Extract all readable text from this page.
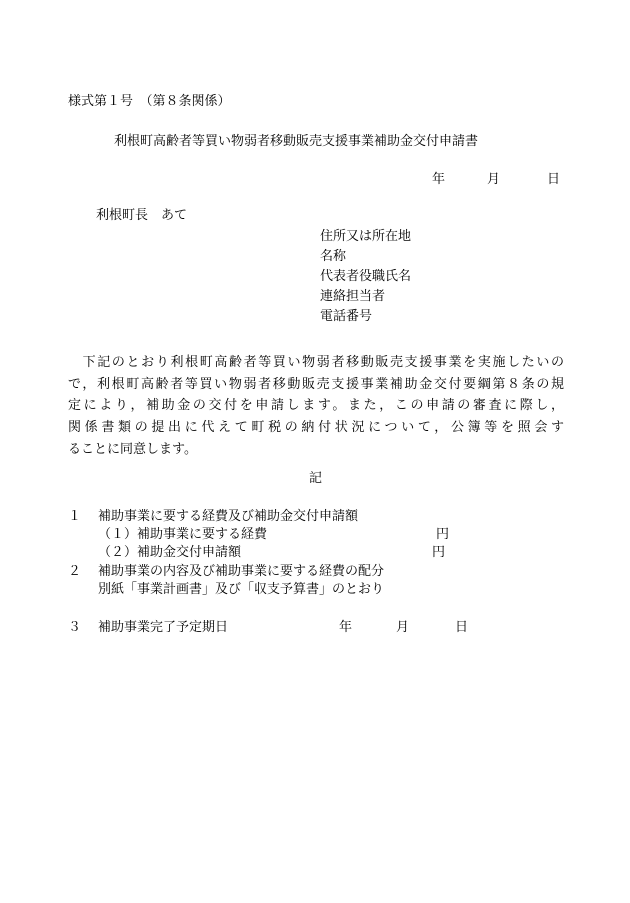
様式第１号　（第８条関係）
利根町高齢者等買い物弱者移動販売支援事業補助金交付申請書
年	月	日
利根町長　あて
住所又は所在地
名称
代表者役職氏名
連絡担当者
電話番号
　下記のとおり利根町高齢者等買い物弱者移動販売支援事業を実施したいの
で，利根町高齢者等買い物弱者移動販売支援事業補助金交付要綱第８条の規
定により，補助金の交付を申請します。また，この申請の審査に際し，
関係書類の提出に代えて町税の納付状況について，公簿等を照会す
ることに同意します。
記
１ 補助事業に要する経費及び補助金交付申請額
（１）補助事業に要する経費	円
（２）補助金交付申請額	円
２ 補助事業の内容及び補助事業に要する経費の配分
別紙「事業計画書」及び「収支予算書」のとおり
３ 補助事業完了予定期日	年	月	日
